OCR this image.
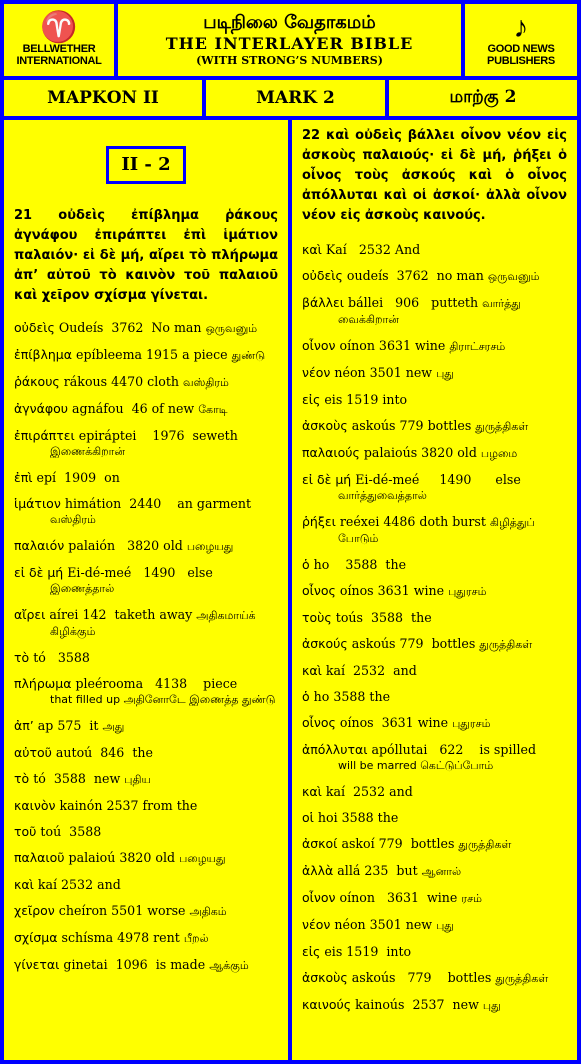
♈
BELLWETHER INTERNATIONAL
படிநிலை வேதாகமம்
THE INTERLAYER BIBLE
(WITH STRONG’S NUMBERS)
♪
GOOD NEWS PUBLISHERS
ΜΑΡΚΟΝ II	MARK 2	மாற்கு 2
II - 2
21 οὐδεὶς ἐπίβλημα ῥάκους ἀγνάφου ἐπιράπτει ἐπὶ ἱμάτιον παλαιόν· εἰ δὲ μή, αἴρει τὸ πλήρωμα ἀπ’ αὐτοῦ τὸ καινὸν τοῦ παλαιοῦ καὶ χεῖρον σχίσμα γίνεται.
οὐδεὶς Oudeís  3762  No man ஒருவனும்
ἐπίβλημα epíbleema 1915 a piece துண்டு
ῥάκους rákous 4470 cloth வஸ்திரம்
ἀγνάφου agnáfou  46 of new கோடி
ἐπιράπτει epiráptei    1976  seweth
இணைக்கிறான்
ἐπὶ epí  1909  on
ἱμάτιον himátion  2440    an garment
வஸ்திரம்
παλαιόν palaión   3820 old பழையது
εἰ δὲ μή Ei-dé-meé   1490   else
இணைத்தால்
αἴρει aírei 142  taketh away அதிகமாய்க்
கிழிக்கும்
τὸ tó   3588
πλήρωμα pleérooma   4138    piece
that filled up அதினோடே இணைத்த துண்டு
ἀπ’ ap 575  it அது
αὐτοῦ autoú  846  the
τὸ tó  3588  new புதிய
καινὸν kainón 2537 from the
τοῦ toú  3588
παλαιοῦ palaioú 3820 old பழையது
καὶ kaí 2532 and
χεῖρον cheíron 5501 worse அதிகம்
σχίσμα schísma 4978 rent பீறல்
γίνεται ginetai  1096  is made ஆக்கும்
22 καὶ οὐδεὶς βάλλει οἶνον νέον εἰς ἀσκοὺς παλαιούς· εἰ δὲ μή, ῥήξει ὁ οἶνος τοὺς ἀσκούς καὶ ὁ οἶνος ἀπόλλυται καὶ οἱ ἀσκοί· ἀλλὰ οἶνον νέον εἰς ἀσκοὺς καινούς.
καὶ Kaí   2532 And
οὐδεὶς oudeís  3762  no man ஒருவனும்
βάλλει bállei   906   putteth வார்த்து
வைக்கிறான்
οἶνον oínon 3631 wine திராட்சரசம்
νέον néon 3501 new புது
εἰς eis 1519 into
ἀσκοὺς askoús 779 bottles துருத்திகள்
παλαιούς palaioús 3820 old பழமை
εἰ δὲ μή Ei-dé-meé     1490      else
வார்த்துவைத்தால்
ῥήξει reéxei 4486 doth burst கிழித்துப்
போடும்
ὁ ho    3588  the
οἶνος oínos 3631 wine புதுரசம்
τοὺς toús  3588  the
ἀσκούς askoús 779  bottles துருத்திகள்
καὶ kaí  2532  and
ὁ ho 3588 the
οἶνος oínos  3631 wine புதுரசம்
ἀπόλλυται apóllutai   622    is spilled
will be marred கெட்டுப்போம்
καὶ kaí  2532 and
οἱ hoi 3588 the
ἀσκοί askoí 779  bottles துருத்திகள்
ἀλλὰ allá 235  but ஆனால்
οἶνον oínon   3631  wine ரசம்
νέον néon 3501 new புது
εἰς eis 1519  into
ἀσκοὺς askoús   779    bottles துருத்திகள்
καινούς kainoús  2537  new புது
